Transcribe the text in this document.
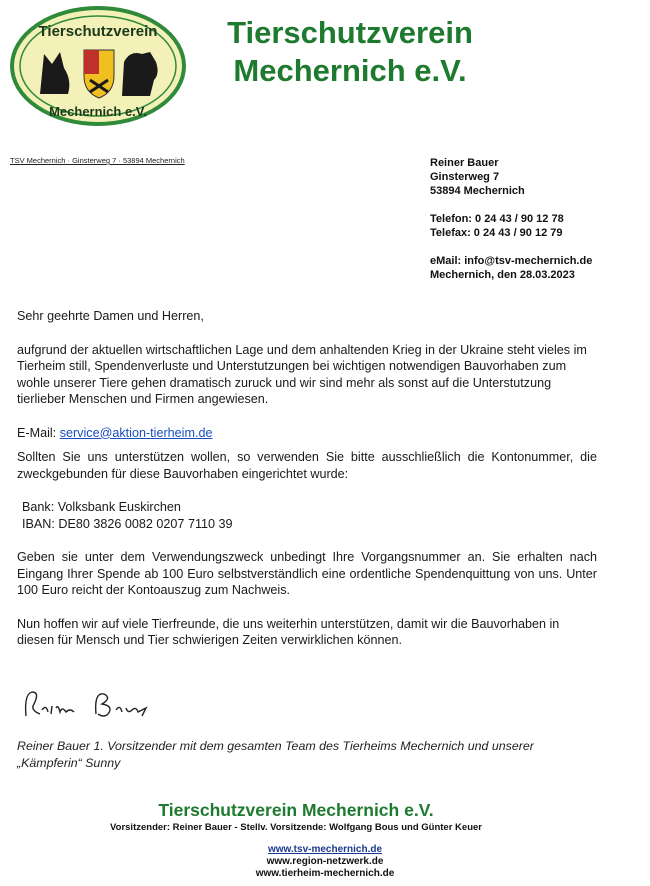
Tierschutzverein
Mechernich e.V.
Tierschutzverein
Mechernich e.V.
TSV Mechernich · Ginsterweg 7 · 53894 Mechernich	Reiner Bauer
Ginsterweg 7
53894 Mechernich
Telefon: 0 24 43 / 90 12 78
Telefax: 0 24 43 / 90 12 79
eMail: info@tsv-mechernich.de
Mechernich, den 28.03.2023

Sehr geehrte Damen und Herren,

aufgrund der aktuellen wirtschaftlichen Lage und dem anhaltenden Krieg in der Ukraine steht vieles im Tierheim still, Spendenverluste und Unterstutzungen bei wichtigen notwendigen Bauvorhaben zum wohle unserer Tiere gehen dramatisch zuruck und wir sind mehr als sonst auf die Unterstutzung tierlieber Menschen und Firmen angewiesen.

E-Mail: service@aktion-tierheim.de

Sollten Sie uns unterstützen wollen, so verwenden Sie bitte ausschließlich die Kontonummer, die zweckgebunden für diese Bauvorhaben eingerichtet wurde:

Bank: Volksbank Euskirchen

IBAN: DE80 3826 0082 0207 7110 39

Geben sie unter dem Verwendungszweck unbedingt Ihre Vorgangsnummer an. Sie erhalten nach Eingang Ihrer Spende ab 100 Euro selbstverständlich eine ordentliche Spendenquittung von uns. Unter 100 Euro reicht der Kontoauszug zum Nachweis.

Nun hoffen wir auf viele Tierfreunde, die uns weiterhin unterstützen, damit wir die Bauvorhaben in diesen für Mensch und Tier schwierigen Zeiten verwirklichen können.

Reiner Bauer 1. Vorsitzender mit dem gesamten Team des Tierheims Mechernich und unserer
„Kämpferin“ Sunny
Tierschutzverein Mechernich e.V.
Vorsitzender: Reiner Bauer - Stellv. Vorsitzende: Wolfgang Bous und Günter Keuer
www.tsv-mechernich.de
www.region-netzwerk.de
www.tierheim-mechernich.de
